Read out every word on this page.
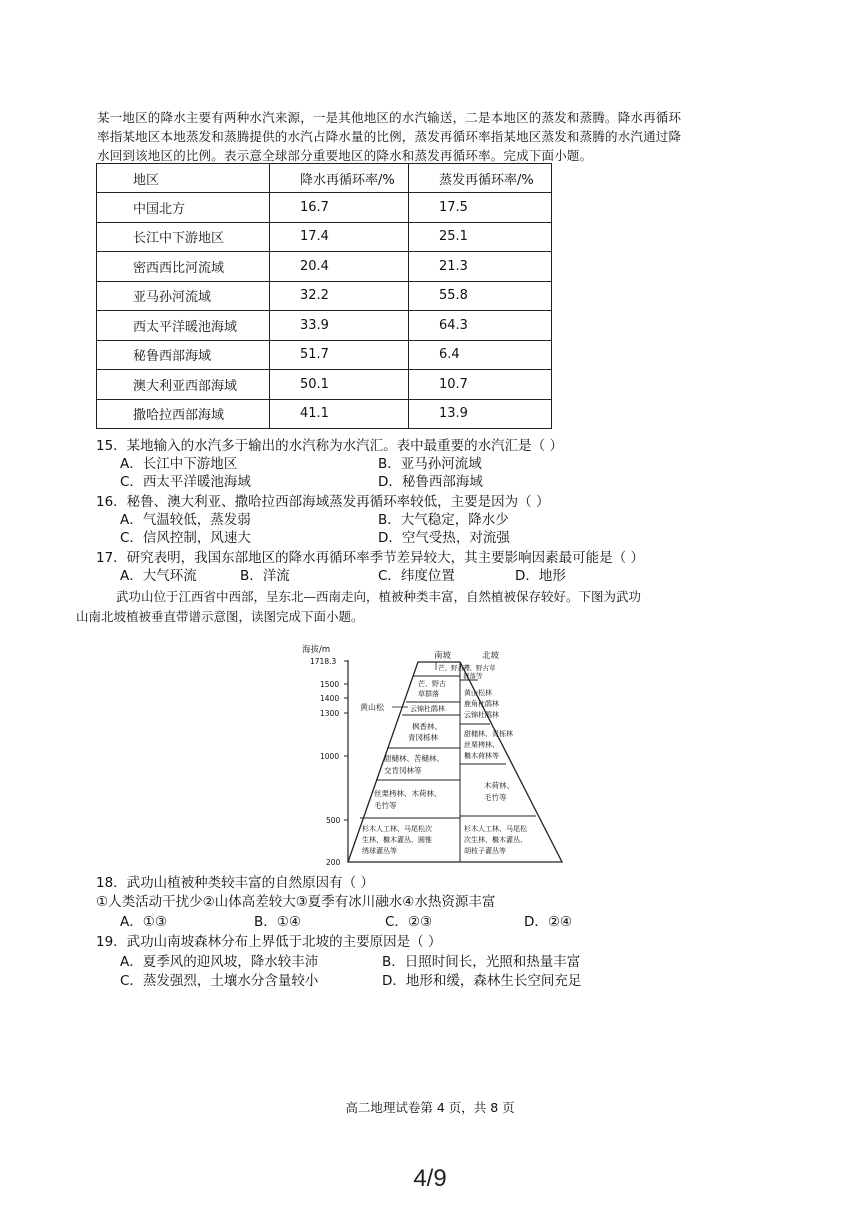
某一地区的降水主要有两种水汽来源，一是其他地区的水汽输送，二是本地区的蒸发和蒸腾。降水再循环
率指某地区本地蒸发和蒸腾提供的水汽占降水量的比例，蒸发再循环率指某地区蒸发和蒸腾的水汽通过降
水回到该地区的比例。表示意全球部分重要地区的降水和蒸发再循环率。完成下面小题。
地区	降水再循环率/%	蒸发再循环率/%
中国北方	16.7	17.5
长江中下游地区	17.4	25.1
密西西比河流域	20.4	21.3
亚马孙河流域	32.2	55.8
西太平洋暖池海域	33.9	64.3
秘鲁西部海域	51.7	6.4
澳大利亚西部海域	50.1	10.7
撒哈拉西部海域	41.1	13.9
15．某地输入的水汽多于输出的水汽称为水汽汇。表中最重要的水汽汇是（ ）
A．长江中下游地区	B．亚马孙河流域
C．西太平洋暖池海域	D．秘鲁西部海域
16．秘鲁、澳大利亚、撒哈拉西部海域蒸发再循环率较低，主要是因为（ ）
A．气温较低，蒸发弱	B．大气稳定，降水少
C．信风控制，风速大	D．空气受热，对流强
17．研究表明，我国东部地区的降水再循环率季节差异较大，其主要影响因素最可能是（ ）
A．大气环流	B．洋流	C．纬度位置	D．地形
武功山位于江西省中西部，呈东北—西南走向，植被种类丰富，自然植被保存较好。下图为武功
山南北坡植被垂直带谱示意图，读图完成下面小题。
海拔/m
1718.3
1500
1400
1300
1000
500
200
南坡	北坡
芒、野古草
芒、野古
草群落
云锦杜鹃林
黄山松
枫香林、
青冈栎林
甜槠林、苦槠林、
交肯冈林等
丝栗栲林、木荷林、
毛竹等
杉木人工林、马尾松次
生林、檵木灌丛、圆锥
绣球灌丛等
芒、野古草
群落等
黄山松林
鹿角杜鹃林
云锦杜鹃林
甜槠林、青栎林
丝栗栲林、
檵木荷林等
木荷林、
毛竹等
杉木人工林、马尾松
次生林、檵木灌丛、
胡枝子灌丛等
18．武功山植被种类较丰富的自然原因有（ ）
①人类活动干扰少②山体高差较大③夏季有冰川融水④水热资源丰富
A．①③	B．①④	C．②③	D．②④
19．武功山南坡森林分布上界低于北坡的主要原因是（ ）
A．夏季风的迎风坡，降水较丰沛	B．日照时间长，光照和热量丰富
C．蒸发强烈，土壤水分含量较小	D．地形和缓，森林生长空间充足
高二地理试卷第 4 页，共 8 页
4/9
